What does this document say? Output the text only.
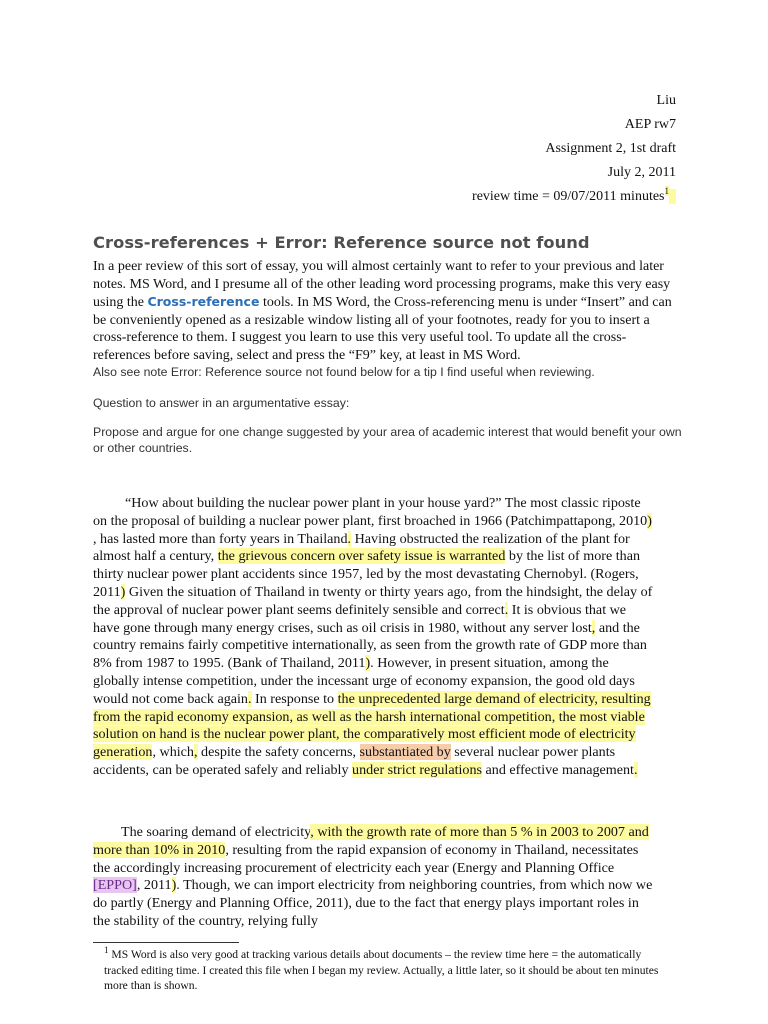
Liu
AEP rw7
Assignment 2, 1st draft
July 2, 2011
review time = 09/07/2011 minutes$^1$
Cross-references + Error: Reference source not found

In a peer review of this sort of essay, you will almost certainly want to refer to your previous and later notes. MS Word, and I presume all of the other leading word processing programs, make this very easy using the Cross-reference tools. In MS Word, the Cross-referencing menu is under “Insert” and can be conveniently opened as a resizable window listing all of your footnotes, ready for you to insert a cross-reference to them. I suggest you learn to use this very useful tool. To update all the cross-references before saving, select and press the “F9” key, at least in MS Word.

Also see note Error: Reference source not found below for a tip I find useful when reviewing.

Question to answer in an argumentative essay:

Propose and argue for one change suggested by your area of academic interest that would benefit your own or other countries.

“How about building the nuclear power plant in your house yard?” The most classic riposte on the proposal of building a nuclear power plant, first broached in 1966 (Patchimpattapong, 2010) , has lasted more than forty years in Thailand. Having obstructed the realization of the plant for almost half a century, the grievous concern over safety issue is warranted by the list of more than thirty nuclear power plant accidents since 1957, led by the most devastating Chernobyl. (Rogers, 2011) Given the situation of Thailand in twenty or thirty years ago, from the hindsight, the delay of the approval of nuclear power plant seems definitely sensible and correct. It is obvious that we have gone through many energy crises, such as oil crisis in 1980, without any server lost, and the country remains fairly competitive internationally, as seen from the growth rate of GDP more than 8% from 1987 to 1995. (Bank of Thailand, 2011). However, in present situation, among the globally intense competition, under the incessant urge of economy expansion, the good old days would not come back again. In response to the unprecedented large demand of electricity, resulting from the rapid economy expansion, as well as the harsh international competition, the most viable solution on hand is the nuclear power plant, the comparatively most efficient mode of electricity generation, which, despite the safety concerns, substantiated by several nuclear power plants accidents, can be operated safely and reliably under strict regulations and effective management.

The soaring demand of electricity, with the growth rate of more than 5 % in 2003 to 2007 and more than 10% in 2010, resulting from the rapid expansion of economy in Thailand, necessitates the accordingly increasing procurement of electricity each year (Energy and Planning Office [EPPO], 2011). Though, we can import electricity from neighboring countries, from which now we do partly (Energy and Planning Office, 2011), due to the fact that energy plays important roles in the stability of the country, relying fully

$^1$ MS Word is also very good at tracking various details about documents – the review time here = the automatically tracked editing time. I created this file when I began my review. Actually, a little later, so it should be about ten minutes more than is shown.
